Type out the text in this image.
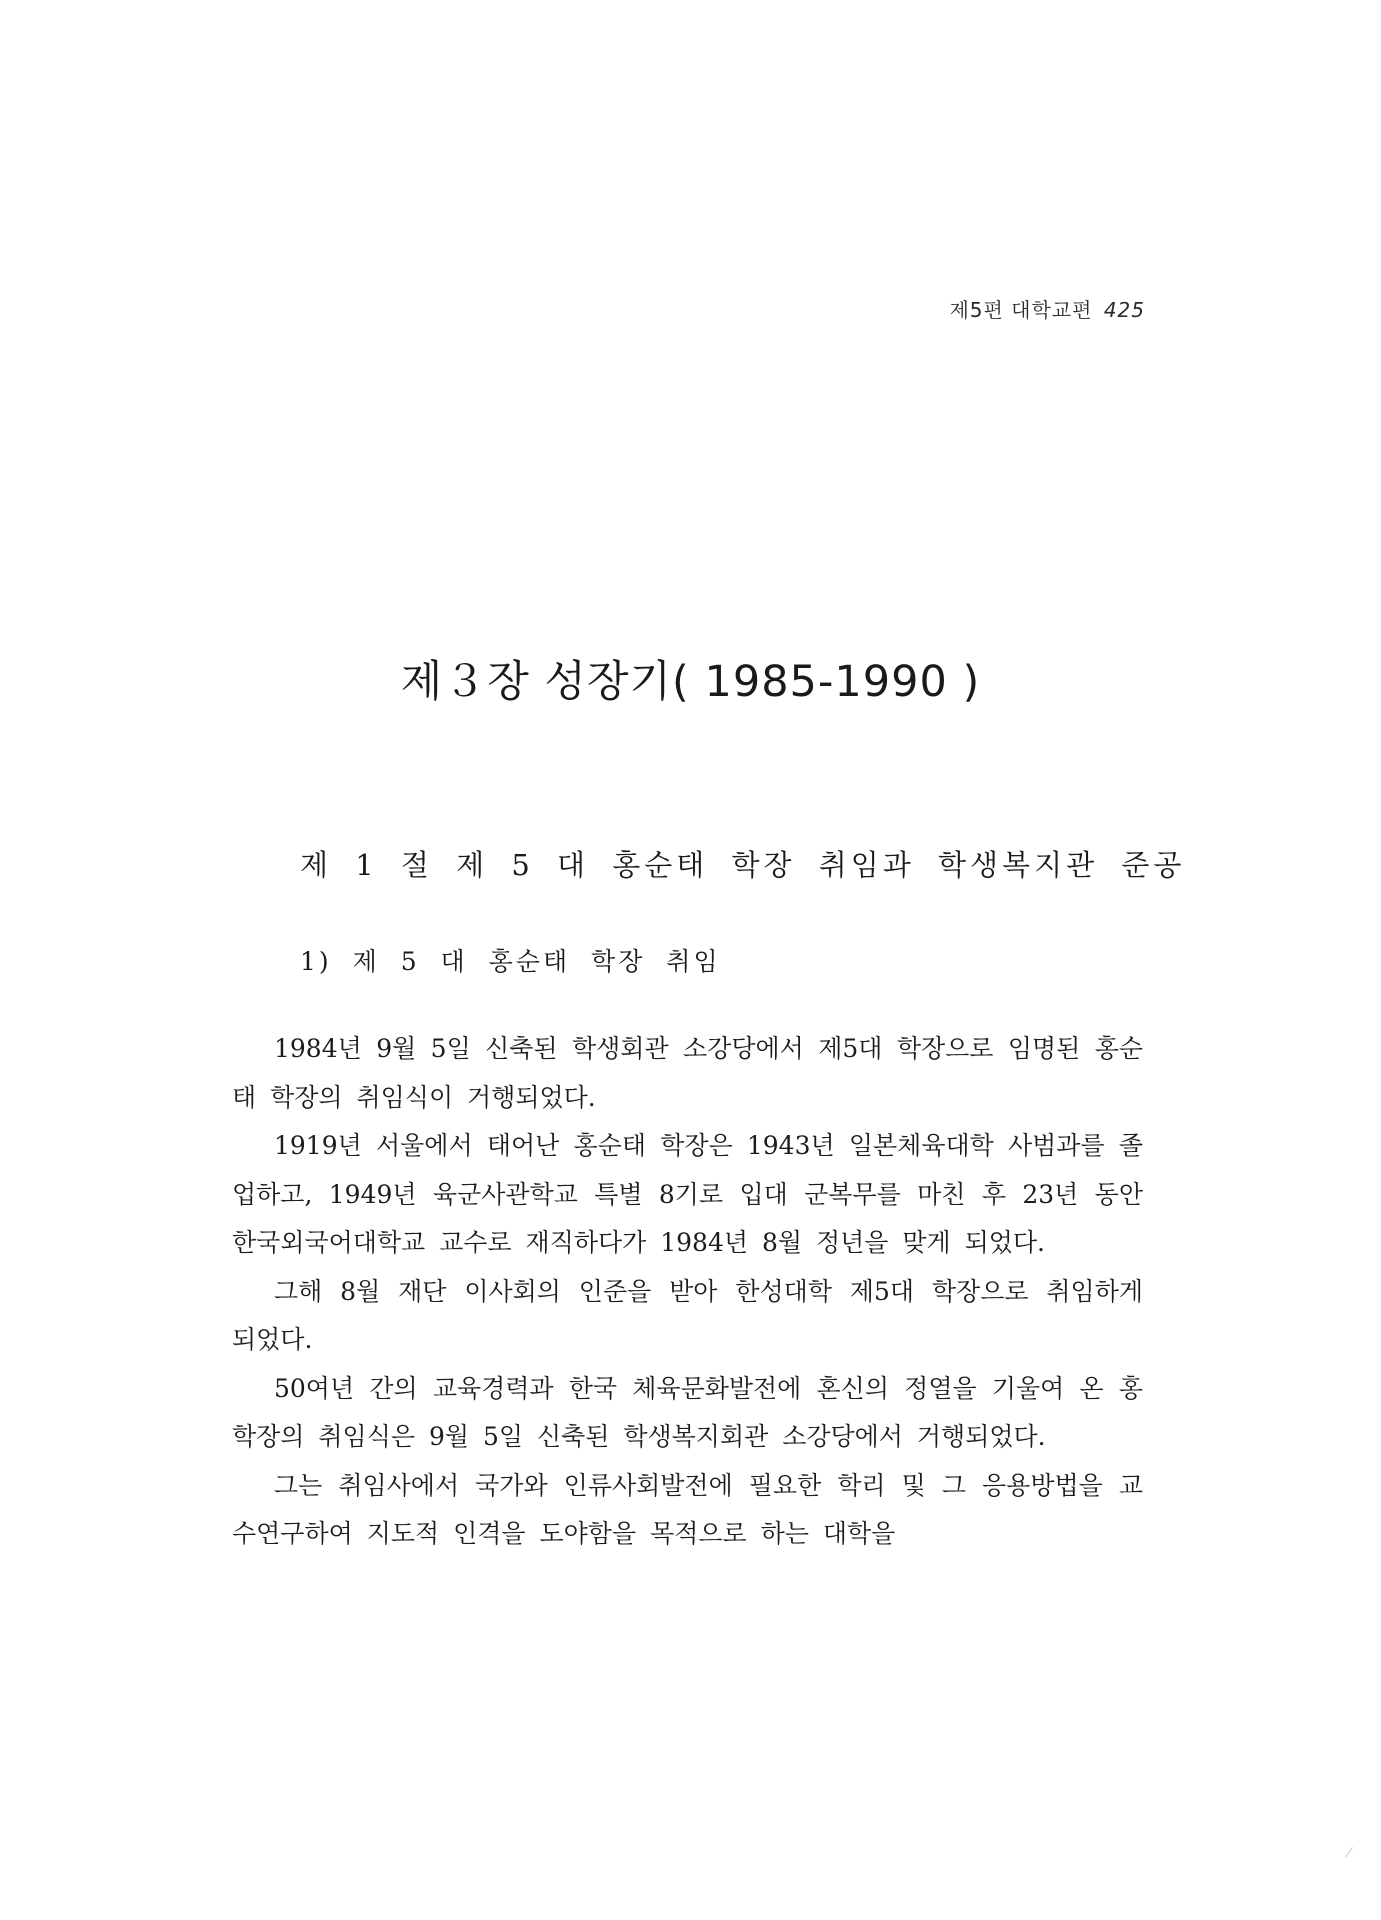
제5편 대학교편 425
제３장 성장기( 1985-1990 )
제 1 절 제 5 대 홍순태 학장 취임과 학생복지관 준공
1) 제 5 대 홍순태 학장 취임

1984년 9월 5일 신축된 학생회관 소강당에서 제5대 학장으로 임명된 홍순태 학장의 취임식이 거행되었다.

1919년 서울에서 태어난 홍순태 학장은 1943년 일본체육대학 사범과를 졸업하고, 1949년 육군사관학교 특별 8기로 입대 군복무를 마친 후 23년 동안 한국외국어대학교 교수로 재직하다가 1984년 8월 정년을 맞게 되었다.

그해 8월 재단 이사회의 인준을 받아 한성대학 제5대 학장으로 취임하게 되었다.

50여년 간의 교육경력과 한국 체육문화발전에 혼신의 정열을 기울여 온 홍 학장의 취임식은 9월 5일 신축된 학생복지회관 소강당에서 거행되었다.

그는 취임사에서 국가와 인류사회발전에 필요한 학리 및 그 응용방법을 교수연구하여 지도적 인격을 도야함을 목적으로 하는 대학을
